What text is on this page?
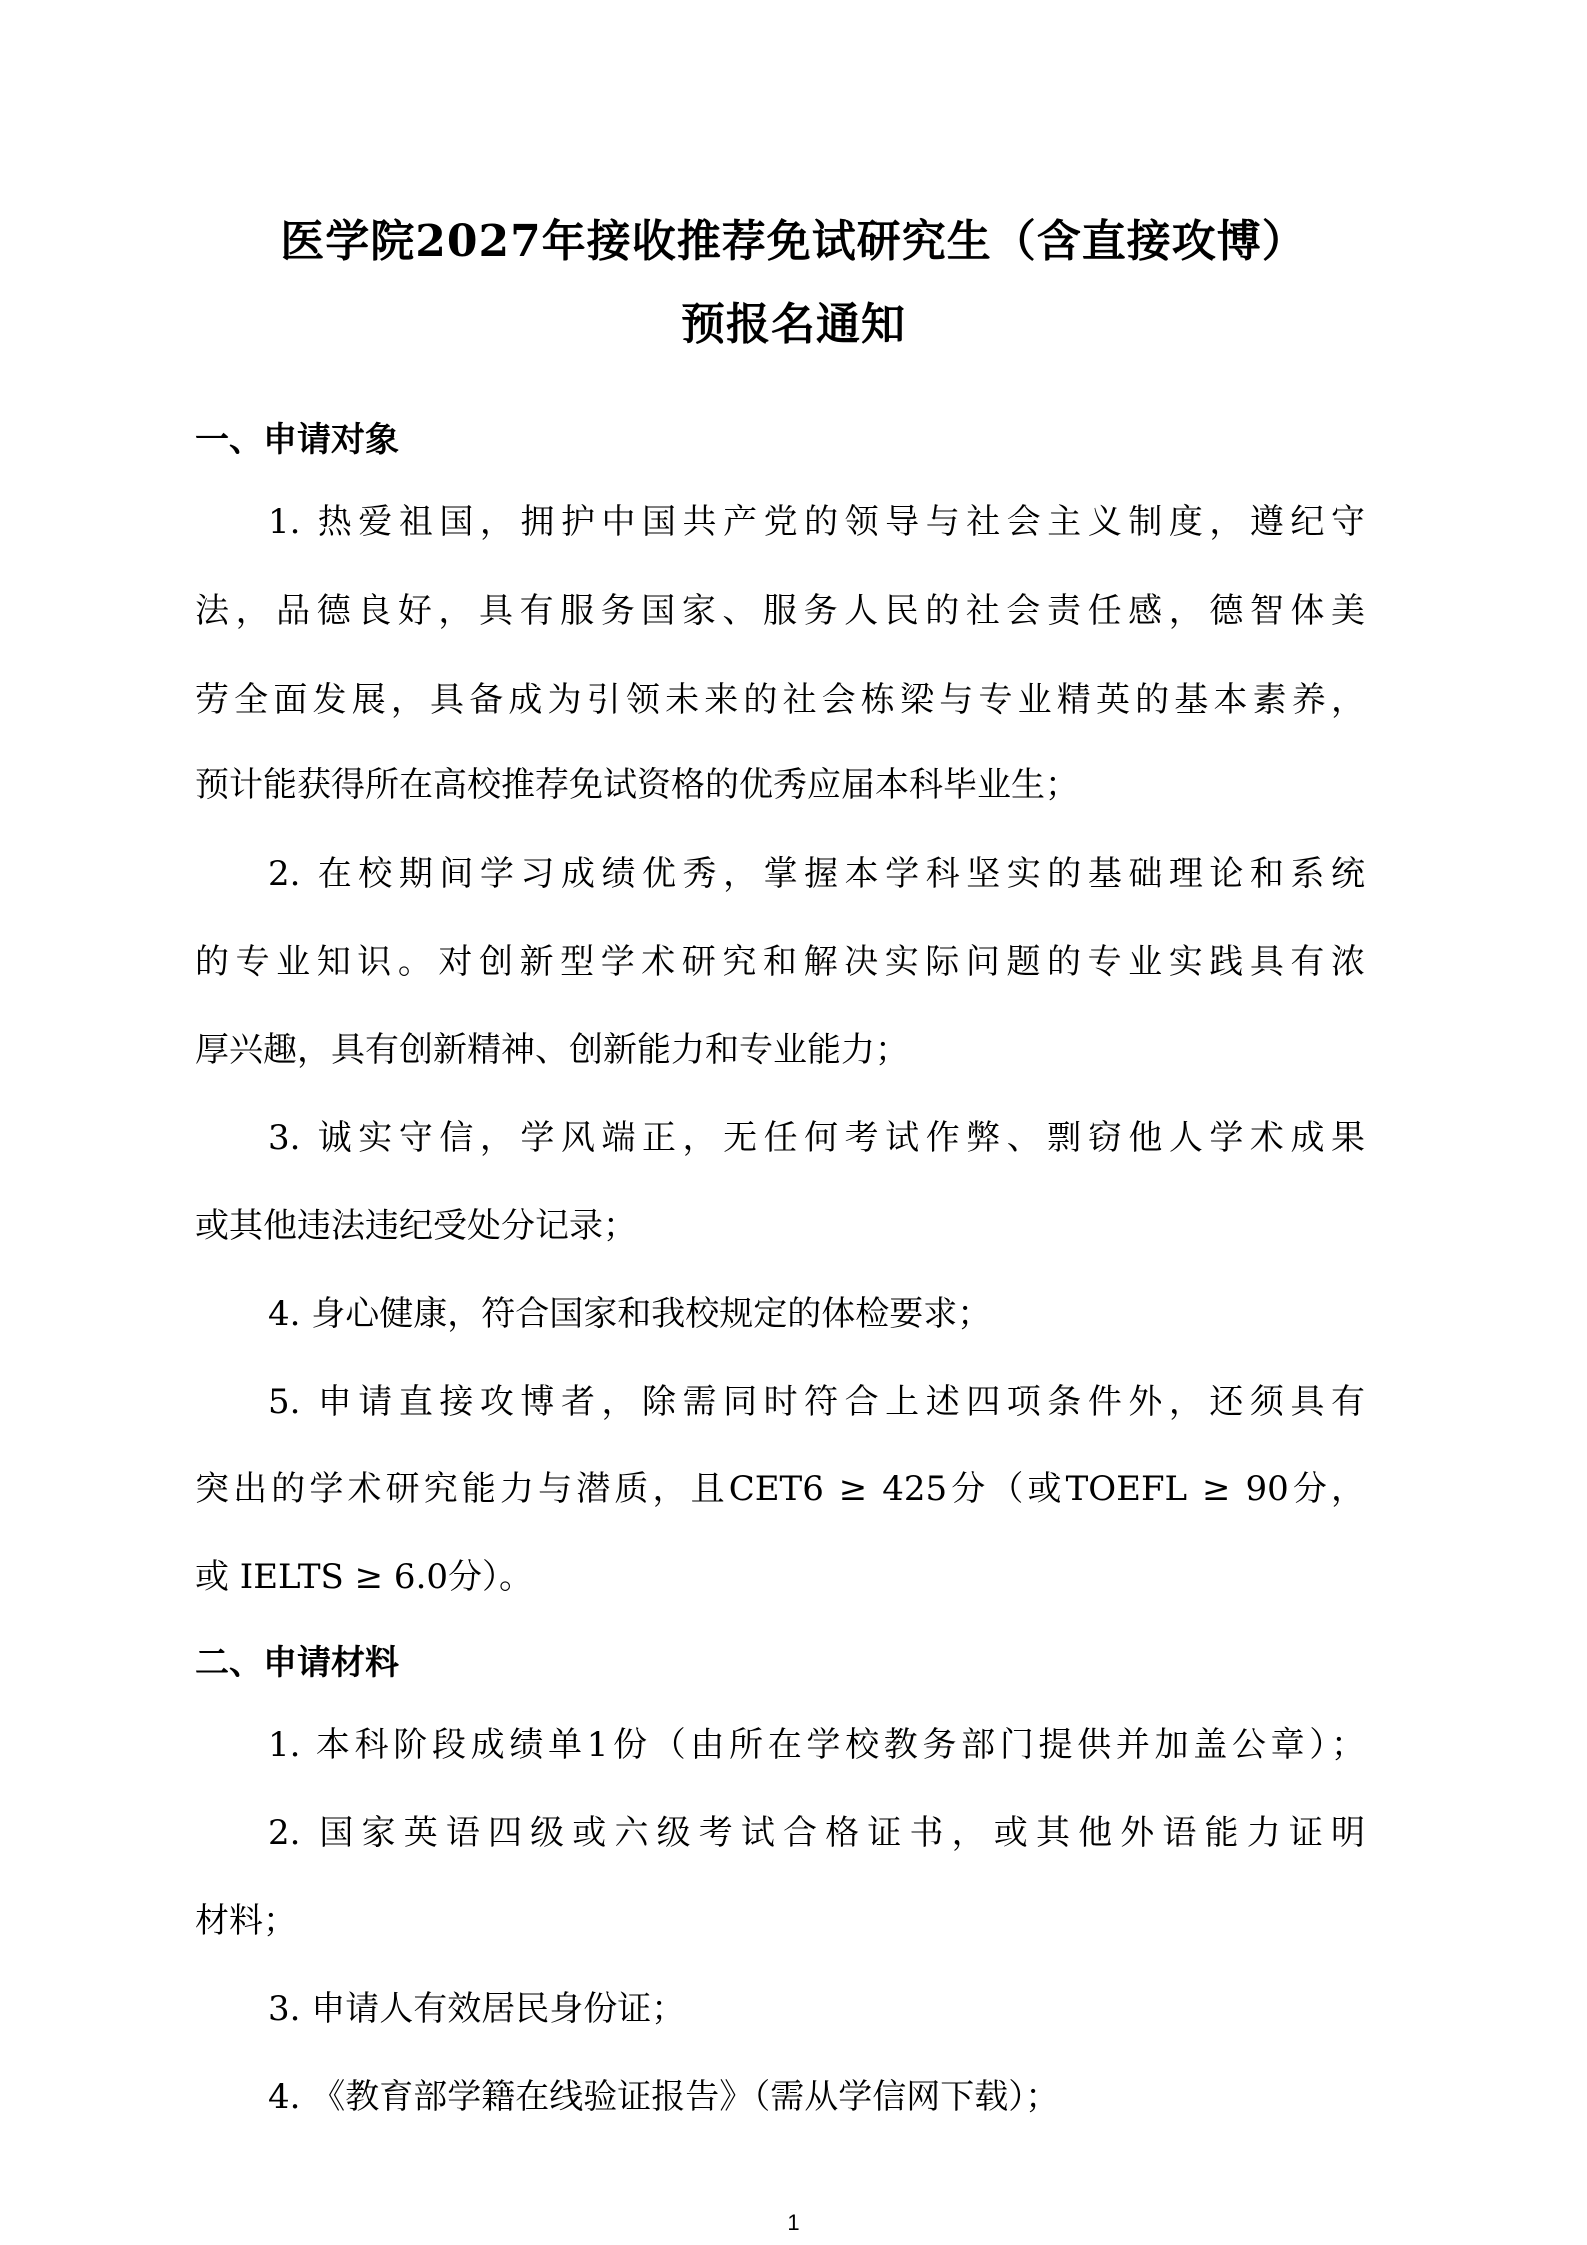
医学院2027年接收推荐免试研究生（含直接攻博）
预报名通知
一、申请对象
1. 热爱祖国，拥护中国共产党的领导与社会主义制度，遵纪守
法，品德良好，具有服务国家、服务人民的社会责任感，德智体美
劳全面发展，具备成为引领未来的社会栋梁与专业精英的基本素养，
预计能获得所在高校推荐免试资格的优秀应届本科毕业生；
2. 在校期间学习成绩优秀，掌握本学科坚实的基础理论和系统
的专业知识。对创新型学术研究和解决实际问题的专业实践具有浓
厚兴趣，具有创新精神、创新能力和专业能力；
3. 诚实守信，学风端正，无任何考试作弊、剽窃他人学术成果
或其他违法违纪受处分记录；
4. 身心健康，符合国家和我校规定的体检要求；
5. 申请直接攻博者，除需同时符合上述四项条件外，还须具有
突出的学术研究能力与潜质，且CET6 ≥ 425分（或TOEFL ≥ 90分，
或 IELTS ≥ 6.0分）。
二、申请材料
1. 本科阶段成绩单1份（由所在学校教务部门提供并加盖公章）；
2. 国家英语四级或六级考试合格证书，或其他外语能力证明
材料；
3. 申请人有效居民身份证；
4. 《教育部学籍在线验证报告》（需从学信网下载）；
1
